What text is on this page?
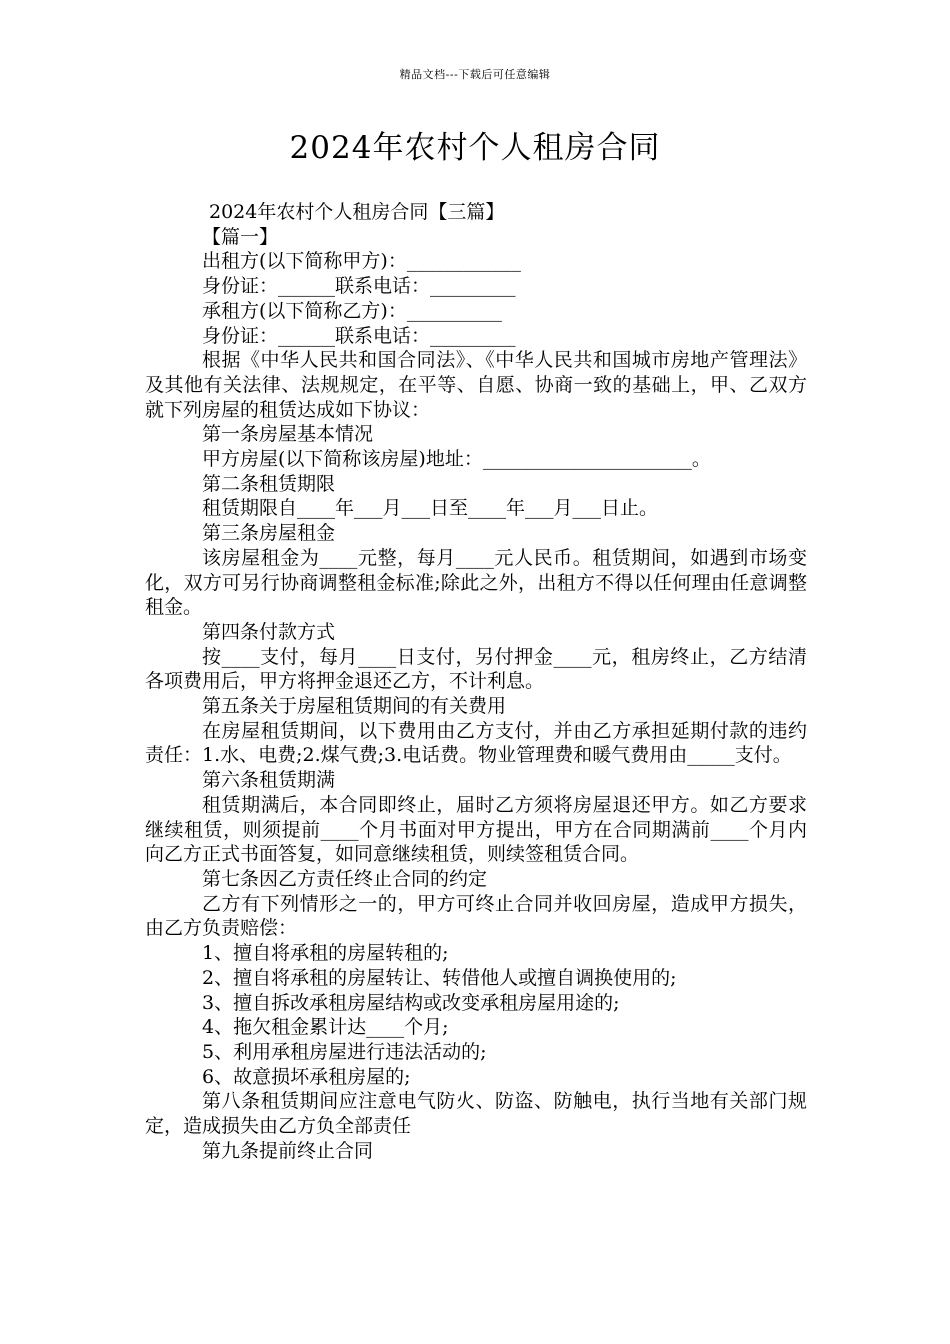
精品文档---下载后可任意编辑
2024年农村个人租房合同

2024年农村个人租房合同【三篇】

【篇一】

出租方(以下简称甲方)：____________

身份证：______联系电话：_________

承租方(以下简称乙方)：__________

身份证：______联系电话：_________

根据《中华人民共和国合同法》、《中华人民共和国城市房地产管理法》及其他有关法律、法规规定，在平等、自愿、协商一致的基础上，甲、乙双方就下列房屋的租赁达成如下协议：

第一条房屋基本情况

甲方房屋(以下简称该房屋)地址：______________________。

第二条租赁期限

租赁期限自____年___月___日至____年___月___日止。

第三条房屋租金

该房屋租金为____元整，每月____元人民币。租赁期间，如遇到市场变化，双方可另行协商调整租金标准;除此之外，出租方不得以任何理由任意调整租金。

第四条付款方式

按____支付，每月____日支付，另付押金____元，租房终止，乙方结清各项费用后，甲方将押金退还乙方，不计利息。

第五条关于房屋租赁期间的有关费用

在房屋租赁期间，以下费用由乙方支付，并由乙方承担延期付款的违约责任：1.水、电费;2.煤气费;3.电话费。物业管理费和暖气费用由_____支付。

第六条租赁期满

租赁期满后，本合同即终止，届时乙方须将房屋退还甲方。如乙方要求继续租赁，则须提前____个月书面对甲方提出，甲方在合同期满前____个月内向乙方正式书面答复，如同意继续租赁，则续签租赁合同。

第七条因乙方责任终止合同的约定

乙方有下列情形之一的，甲方可终止合同并收回房屋，造成甲方损失，由乙方负责赔偿：

1、擅自将承租的房屋转租的;

2、擅自将承租的房屋转让、转借他人或擅自调换使用的;

3、擅自拆改承租房屋结构或改变承租房屋用途的;

4、拖欠租金累计达____个月;

5、利用承租房屋进行违法活动的;

6、故意损坏承租房屋的;

第八条租赁期间应注意电气防火、防盗、防触电，执行当地有关部门规定，造成损失由乙方负全部责任

第九条提前终止合同
